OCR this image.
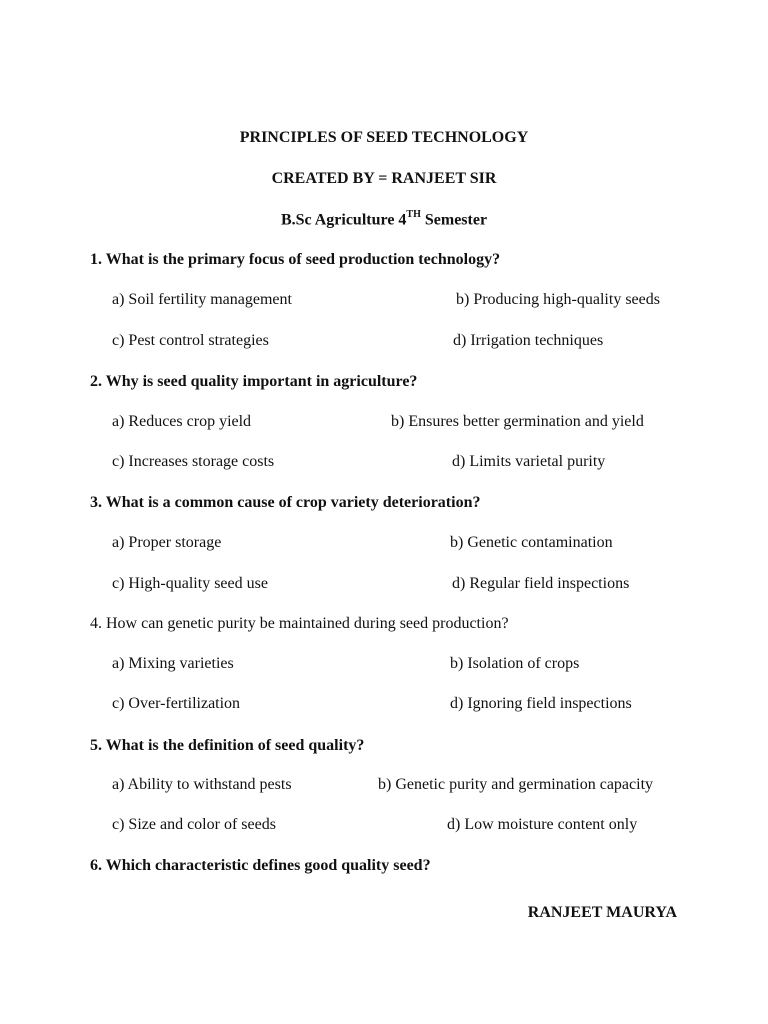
PRINCIPLES OF SEED TECHNOLOGY
CREATED BY = RANJEET SIR
B.Sc Agriculture 4TH Semester
1. What is the primary focus of seed production technology?
a) Soil fertility management	b) Producing high-quality seeds
c) Pest control strategies	d) Irrigation techniques
2. Why is seed quality important in agriculture?
a) Reduces crop yield	b) Ensures better germination and yield
c) Increases storage costs	d) Limits varietal purity
3. What is a common cause of crop variety deterioration?
a) Proper storage	b) Genetic contamination
c) High-quality seed use	d) Regular field inspections
4. How can genetic purity be maintained during seed production?
a) Mixing varieties	b) Isolation of crops
c) Over-fertilization	d) Ignoring field inspections
5. What is the definition of seed quality?
a) Ability to withstand pests	b) Genetic purity and germination capacity
c) Size and color of seeds	d) Low moisture content only
6. Which characteristic defines good quality seed?
RANJEET MAURYA
